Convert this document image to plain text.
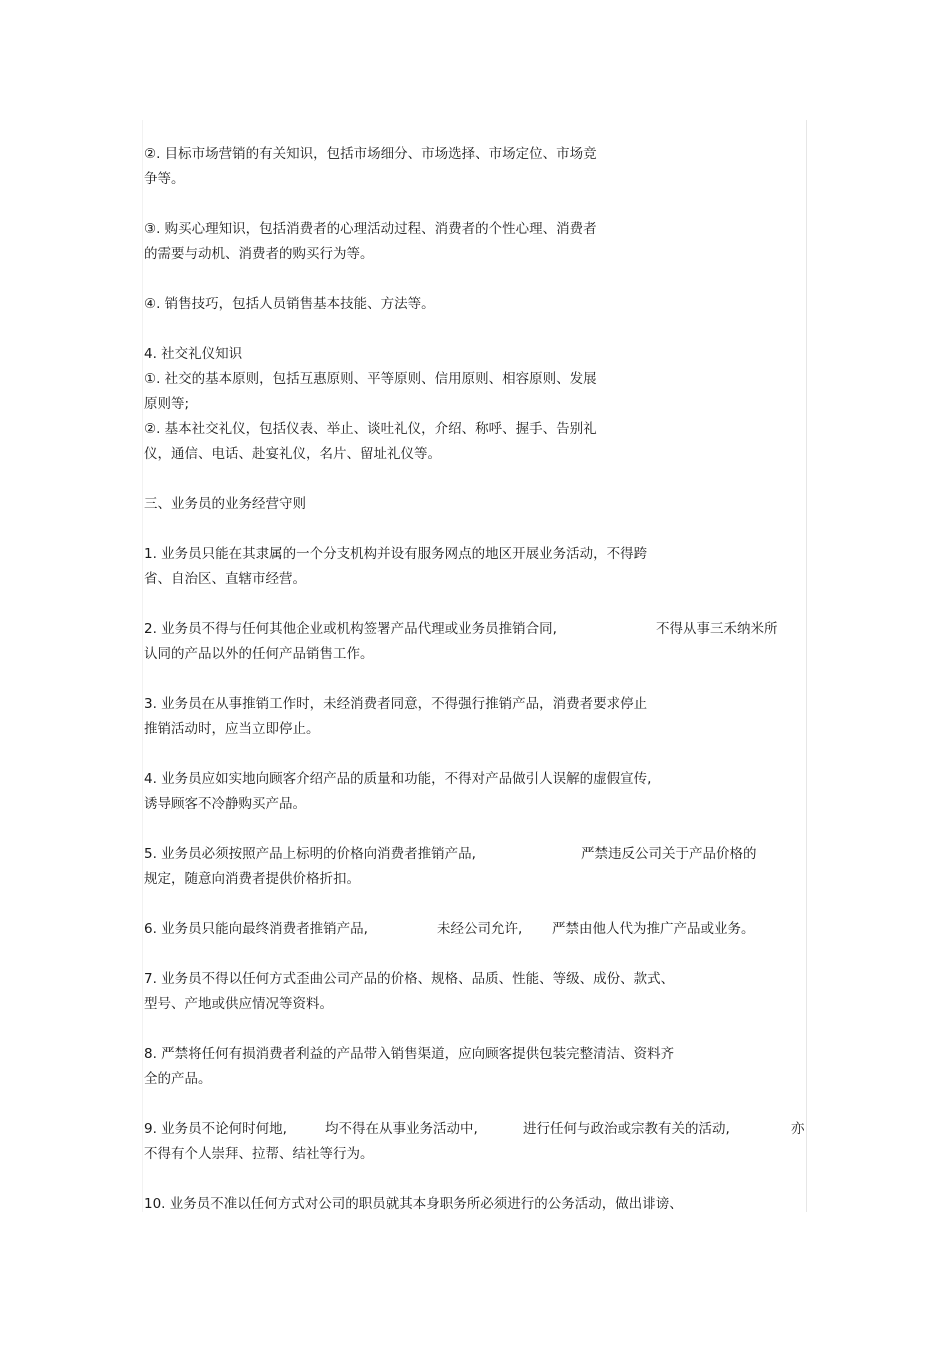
②. 目标市场营销的有关知识，包括市场细分、市场选择、市场定位、市场竞
争等。
③. 购买心理知识，包括消费者的心理活动过程、消费者的个性心理、消费者
的需要与动机、消费者的购买行为等。
④. 销售技巧，包括人员销售基本技能、方法等。
4. 社交礼仪知识
①. 社交的基本原则，包括互惠原则、平等原则、信用原则、相容原则、发展
原则等;
②. 基本社交礼仪，包括仪表、举止、谈吐礼仪，介绍、称呼、握手、告别礼
仪，通信、电话、赴宴礼仪，名片、留址礼仪等。
三、业务员的业务经营守则
1. 业务员只能在其隶属的一个分支机构并设有服务网点的地区开展业务活动，不得跨
省、自治区、直辖市经营。
2. 业务员不得与任何其他企业或机构签署产品代理或业务员推销合同,	不得从事三禾纳米所
认同的产品以外的任何产品销售工作。
3. 业务员在从事推销工作时，未经消费者同意，不得强行推销产品，消费者要求停止
推销活动时，应当立即停止。
4. 业务员应如实地向顾客介绍产品的质量和功能，不得对产品做引人误解的虚假宣传,
诱导顾客不冷静购买产品。
5. 业务员必须按照产品上标明的价格向消费者推销产品,	严禁违反公司关于产品价格的
规定，随意向消费者提供价格折扣。
6. 业务员只能向最终消费者推销产品,	未经公司允许, 严禁由他人代为推广产品或业务。
7. 业务员不得以任何方式歪曲公司产品的价格、规格、品质、性能、等级、成份、款式、
型号、产地或供应情况等资料。
8. 严禁将任何有损消费者利益的产品带入销售渠道，应向顾客提供包装完整清洁、资料齐
全的产品。
9. 业务员不论何时何地,	均不得在从事业务活动中,	进行任何与政治或宗教有关的活动,	亦
不得有个人崇拜、拉帮、结社等行为。
10. 业务员不准以任何方式对公司的职员就其本身职务所必须进行的公务活动，做出诽谤、
